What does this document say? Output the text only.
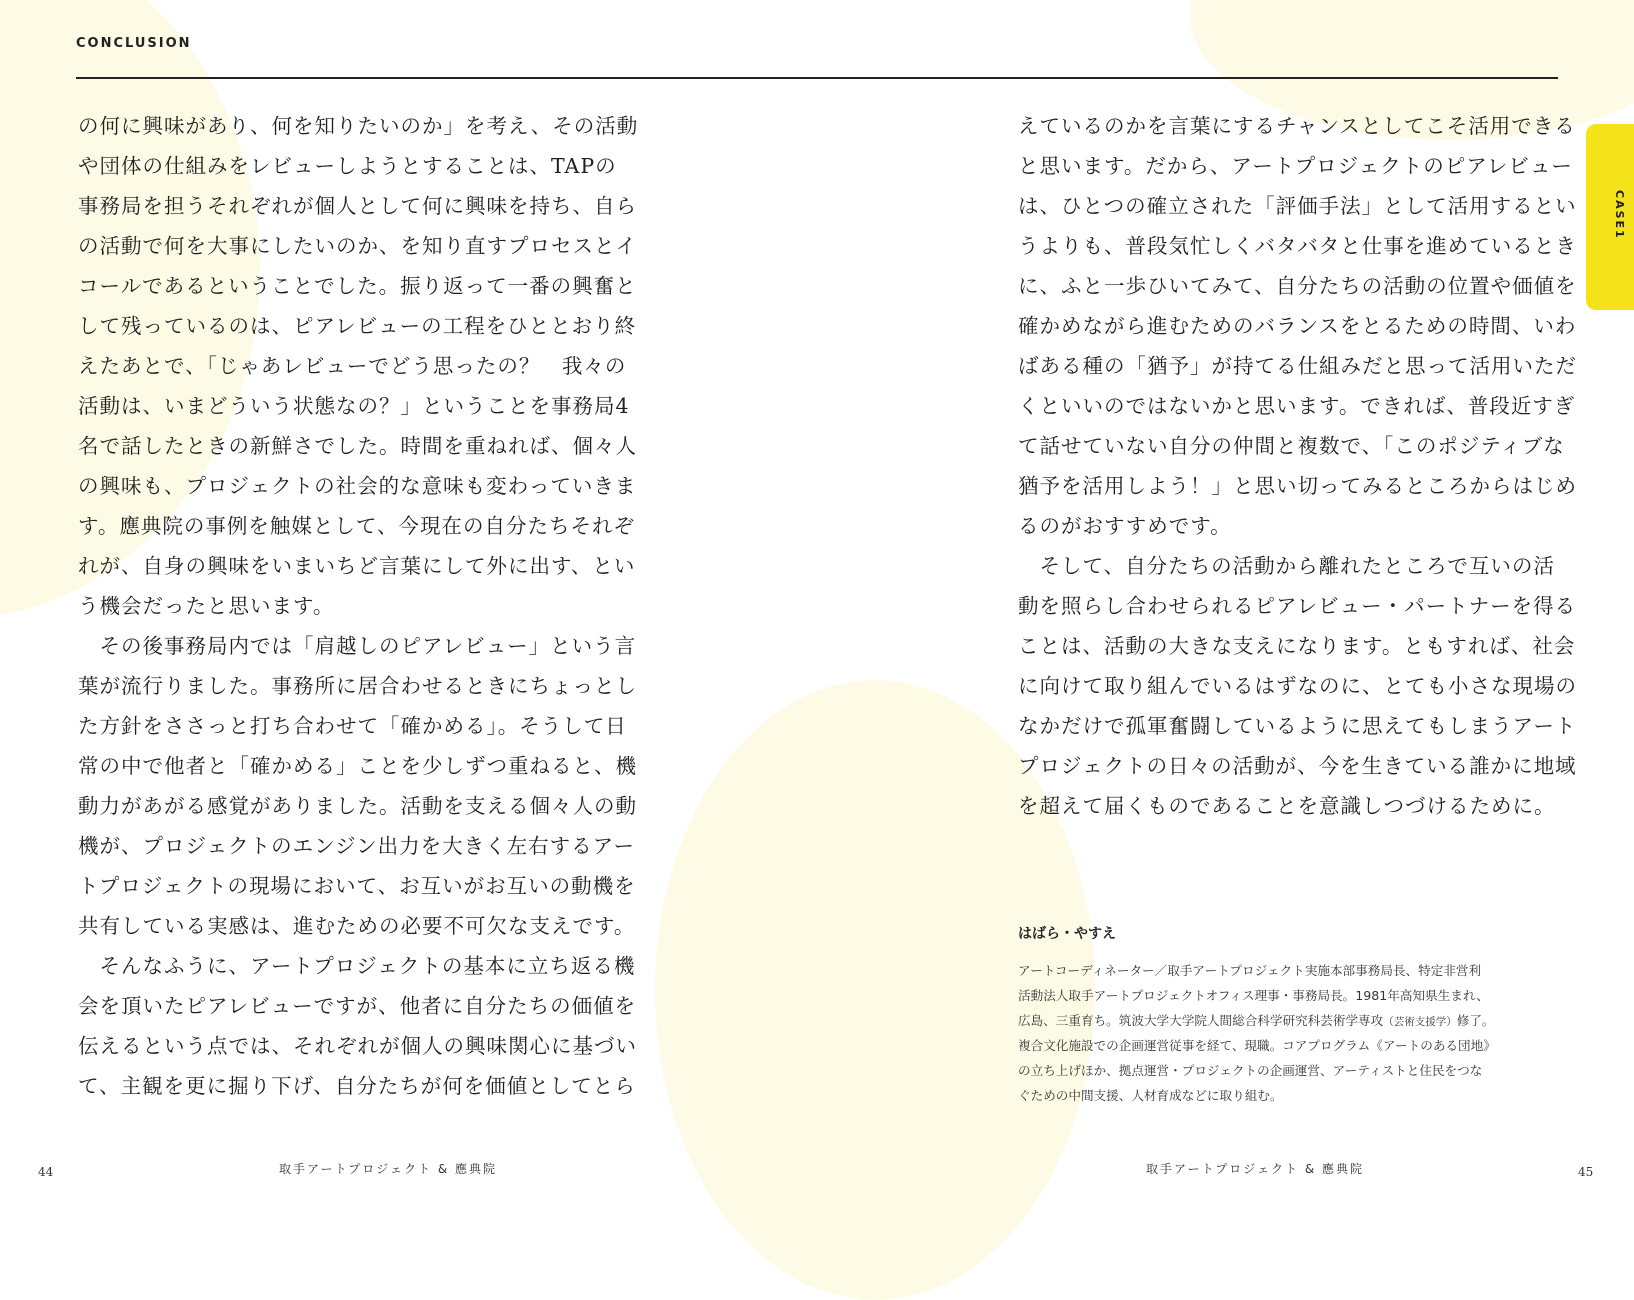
CONCLUSION
CASE1
の何に興味があり、何を知りたいのか」を考え、その活動
や団体の仕組みをレビューしようとすることは、TAPの
事務局を担うそれぞれが個人として何に興味を持ち、自ら
の活動で何を大事にしたいのか、を知り直すプロセスとイ
コールであるということでした。振り返って一番の興奮と
して残っているのは、ピアレビューの工程をひととおり終
えたあとで、「じゃあレビューでどう思ったの？　我々の
活動は、いまどういう状態なの？」ということを事務局4
名で話したときの新鮮さでした。時間を重ねれば、個々人
の興味も、プロジェクトの社会的な意味も変わっていきま
す。應典院の事例を触媒として、今現在の自分たちそれぞ
れが、自身の興味をいまいちど言葉にして外に出す、とい
う機会だったと思います。
　その後事務局内では「肩越しのピアレビュー」という言
葉が流行りました。事務所に居合わせるときにちょっとし
た方針をささっと打ち合わせて「確かめる」。そうして日
常の中で他者と「確かめる」ことを少しずつ重ねると、機
動力があがる感覚がありました。活動を支える個々人の動
機が、プロジェクトのエンジン出力を大きく左右するアー
トプロジェクトの現場において、お互いがお互いの動機を
共有している実感は、進むための必要不可欠な支えです。
　そんなふうに、アートプロジェクトの基本に立ち返る機
会を頂いたピアレビューですが、他者に自分たちの価値を
伝えるという点では、それぞれが個人の興味関心に基づい
て、主観を更に掘り下げ、自分たちが何を価値としてとら
えているのかを言葉にするチャンスとしてこそ活用できる
と思います。だから、アートプロジェクトのピアレビュー
は、ひとつの確立された「評価手法」として活用するとい
うよりも、普段気忙しくバタバタと仕事を進めているとき
に、ふと一歩ひいてみて、自分たちの活動の位置や価値を
確かめながら進むためのバランスをとるための時間、いわ
ばある種の「猶予」が持てる仕組みだと思って活用いただ
くといいのではないかと思います。できれば、普段近すぎ
て話せていない自分の仲間と複数で、「このポジティブな
猶予を活用しよう！」と思い切ってみるところからはじめ
るのがおすすめです。
　そして、自分たちの活動から離れたところで互いの活
動を照らし合わせられるピアレビュー・パートナーを得る
ことは、活動の大きな支えになります。ともすれば、社会
に向けて取り組んでいるはずなのに、とても小さな現場の
なかだけで孤軍奮闘しているように思えてもしまうアート
プロジェクトの日々の活動が、今を生きている誰かに地域
を超えて届くものであることを意識しつづけるために。
はばら・やすえ
アートコーディネーター／取手アートプロジェクト実施本部事務局長、特定非営利
活動法人取手アートプロジェクトオフィス理事・事務局長。1981年高知県生まれ、
広島、三重育ち。筑波大学大学院人間総合科学研究科芸術学専攻（芸術支援学）修了。
複合文化施設での企画運営従事を経て、現職。コアプログラム《アートのある団地》
の立ち上げほか、拠点運営・プロジェクトの企画運営、アーティストと住民をつな
ぐための中間支援、人材育成などに取り組む。
44	取手アートプロジェクト & 應典院	取手アートプロジェクト & 應典院	45
